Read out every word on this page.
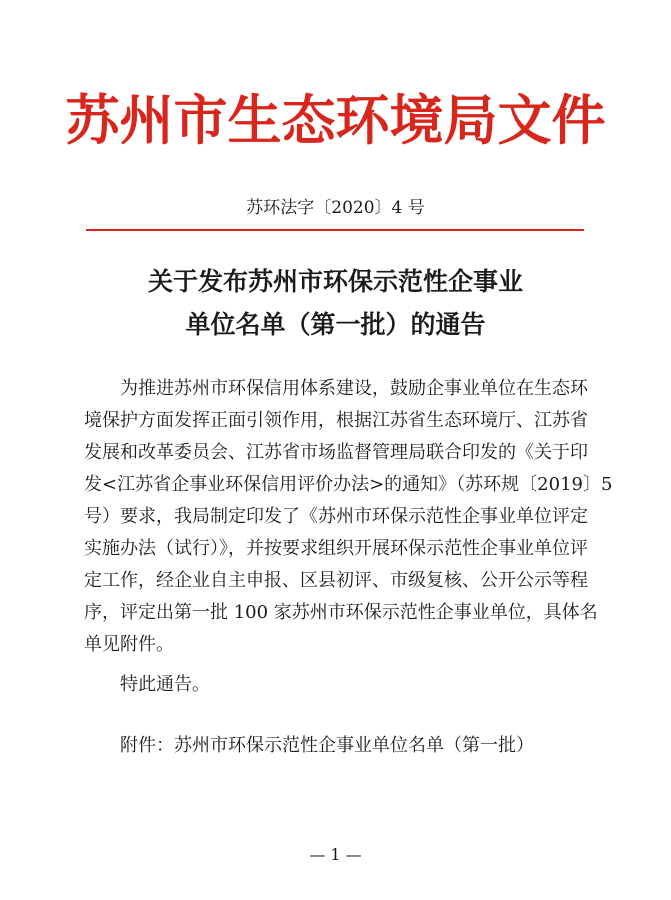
苏州市生态环境局文件
苏环法字〔2020〕4 号
关于发布苏州市环保示范性企事业
单位名单（第一批）的通告
为推进苏州市环保信用体系建设，鼓励企事业单位在生态环
境保护方面发挥正面引领作用，根据江苏省生态环境厅、江苏省
发展和改革委员会、江苏省市场监督管理局联合印发的《关于印
发<江苏省企事业环保信用评价办法>的通知》（苏环规〔2019〕5
号）要求，我局制定印发了《苏州市环保示范性企事业单位评定
实施办法（试行）》，并按要求组织开展环保示范性企事业单位评
定工作，经企业自主申报、区县初评、市级复核、公开公示等程
序，评定出第一批 100 家苏州市环保示范性企事业单位，具体名
单见附件。
特此通告。
附件：苏州市环保示范性企事业单位名单（第一批）
— 1 —
